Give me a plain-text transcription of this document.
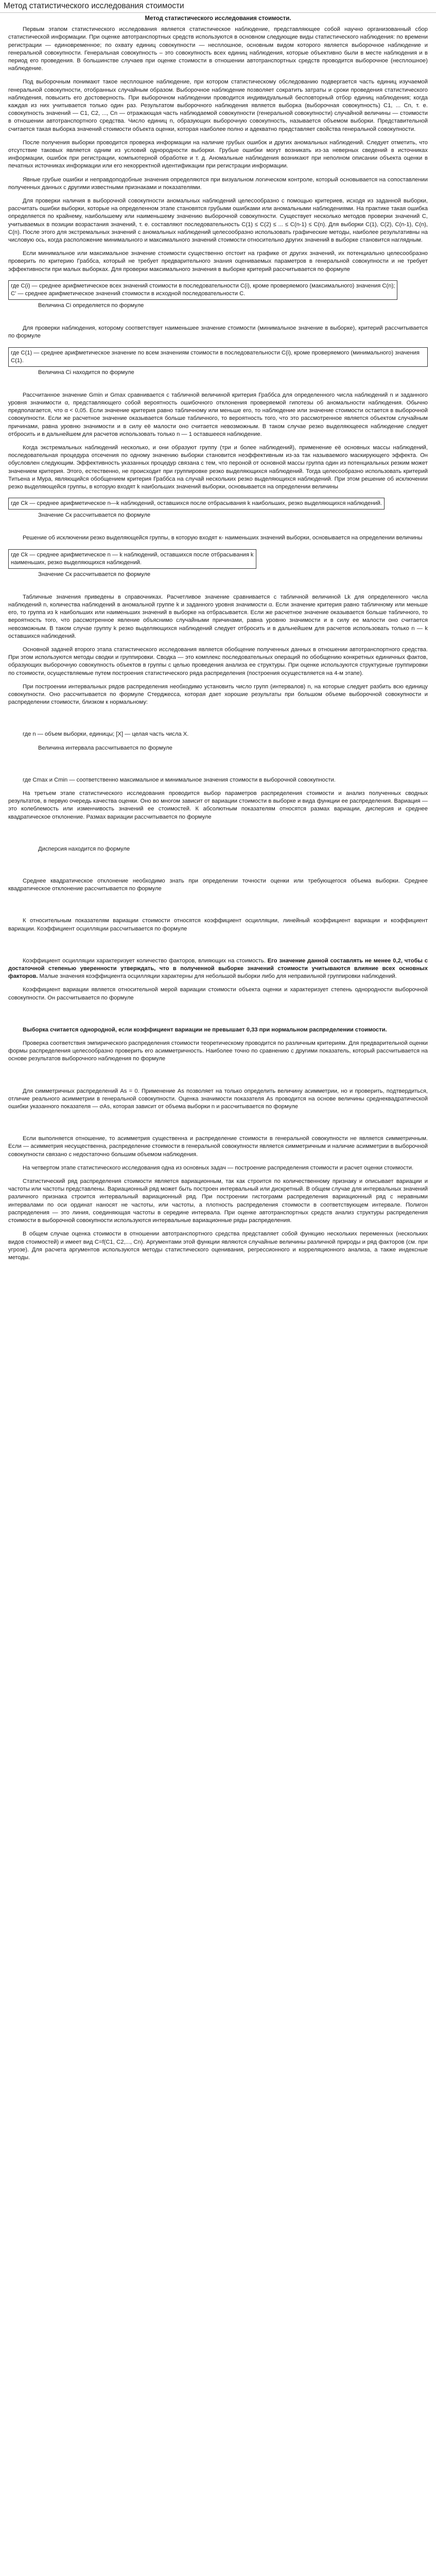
Метод статистического исследования стоимости
Метод статистического исследования стоимости.

Первым этапом статистического исследования является статистическое наблюдение, представляющее собой научно организованный сбор статистической информации. При оценке автотранспортных средств используются в основном следующие виды статистического наблюдения: по времени регистрации — единовременное; по охвату единиц совокупности — несплошное, основным видом которого является выборочное наблюдение и генеральной совокупности. Генеральная совокупность – это совокупность всех единиц наблюдения, которые объективно были в месте наблюдения и в период его проведения. В большинстве случаев при оценке стоимости в отношении автотранспортных средств проводится выборочное (несплошное) наблюдение.

Под выборочным понимают такое несплошное наблюдение, при котором статистическому обследованию подвергается часть единиц изучаемой генеральной совокупности, отобранных случайным образом. Выборочное наблюдение позволяет сократить затраты и сроки проведения статистического наблюдения, повысить его достоверность. При выборочном наблюдении проводится индивидуальный бесповторный отбор единиц наблюдения; когда каждая из них учитывается только один раз. Результатом выборочного наблюдения является выборка (выборочная совокупность) С1, ... Сn, т. е. совокупность значений — С1, С2, ..., Сn — отражающая часть наблюдаемой совокупности (генеральной совокупности) случайной величины — стоимости в отношении автотранспортного средства. Число единиц n, образующих выборочную совокупность, называется объемом выборки. Представительной считается такая выборка значений стоимости объекта оценки, которая наиболее полно и адекватно представляет свойства генеральной совокупности.

После получения выборки проводится проверка информации на наличие грубых ошибок и других аномальных наблюдений. Следует отметить, что отсутствие таковых является одним из условий однородности выборки. Грубые ошибки могут возникать из-за неверных сведений в источниках информации, ошибок при регистрации, компьютерной обработке и т. д. Аномальные наблюдения возникают при неполном описании объекта оценки в печатных источниках информации или его некорректной идентификации при регистрации информации.

Явные грубые ошибки и неправдоподобные значения определяются при визуальном логическом контроле, который основывается на сопоставлении полученных данных с другими известными признаками и показателями.

Для проверки наличия в выборочной совокупности аномальных наблюдений целесообразно с помощью критериев, исходя из заданной выборки, рассчитать ошибки выборки, которые на определенном этапе становятся грубыми ошибками или аномальными наблюдениями. На практике такая ошибка определяется по крайнему, наибольшему или наименьшему значению выборочной совокупности. Существует несколько методов проверки значений С, учитываемых в позиции возрастания значений, т. е. составляют последовательность С(1) ≤ С(2) ≤ ... ≤ С(n-1) ≤ С(n). Для выборки C(1), C(2), C(n-1), C(n), C(n). После этого для экстремальных значений с аномальных наблюдений целесообразно использовать графические методы, наиболее результативны на числовую ось, когда расположение минимального и максимального значений стоимости относительно других значений в выборке становится наглядным.

Если минимальное или максимальное значение стоимости существенно отстоит на графике от других значений, их потенциально целесообразно проверить по критерию Граббса, который не требует предварительного знания оцениваемых параметров в генеральной совокупности и не требует эффективности при малых выборках. Для проверки максимального значения в выборке критерий рассчитывается по формуле

где C(i) — среднее арифметическое всех значений стоимости в последовательности C(i), кроме проверяемого (максимального) значения C(n);
C' — среднее арифметическое значений стоимости в исходной последовательности C.

Величина Сi определяется по формуле

Для проверки наблюдения, которому соответствует наименьшее значение стоимости (минимальное значение в выборке), критерий рассчитывается по формуле

где C(1) — среднее арифметическое значение по всем значениям стоимости в последовательности C(i), кроме проверяемого (минимального) значения C(1).

Величина Сi находится по формуле

Рассчитанное значение Gmin и Gmax сравнивается с табличной величиной критерия Граббса для определенного числа наблюдений n и заданного уровня значимости α, представляющего собой вероятность ошибочного отклонения проверяемой гипотезы об аномальности наблюдения. Обычно предполагается, что α < 0,05. Если значение критерия равно табличному или меньше его, то наблюдение или значение стоимости остается в выборочной совокупности. Если же расчетное значение оказывается больше табличного, то вероятность того, что это рассмотренное является объектом случайным причинами, равна уровню значимости и в силу её малости оно считается невозможным. В таком случае резко выделяющееся наблюдение следует отбросить и в дальнейшем для расчетов использовать только n — 1 оставшееся наблюдение.

Когда экстремальных наблюдений несколько, и они образуют группу (три и более наблюдений), применение её основных массы наблюдений, последовательная процедура отсечения по одному значению выборки становится неэффективным из-за так называемого маскирующего эффекта. Он обусловлен следующим. Эффективность указанных процедур связана с тем, что пероной от основной массы группа один из потенциальных резким может значением критерия. Этого, естественно, не происходит при группировке резко выделяющихся наблюдений. Тогда целесообразно использовать критерий Титьена и Мура, являющийся обобщением критерия Граббса на случай нескольких резко выделяющихся наблюдений. При этом решение об исключении резко выделяющейся группы, в которую входят k наибольших значений выборки, основывается на определении величины

где Ck — среднее арифметическое n—k наблюдений, оставшихся после отбрасывания k наибольших, резко выделяющихся наблюдений.

Значение Ск рассчитывается по формуле

Решение об исключении резко выделяющейся группы, в которую входят к- наименьших значений выборки, основывается на определении величины

где Ck — среднее арифметическое n — k наблюдений, оставшихся после отбрасывания k
наименьших, резко выделяющихся наблюдений.

Значение Ск рассчитывается по формуле

Табличные значения приведены в справочниках. Расчетливое значение сравнивается с табличной величиной Lk для определенного числа наблюдений n, количества наблюдений в аномальной группе k и заданного уровня значимости α. Если значение критерия равно табличному или меньше его, то группа из k наибольших или наименьших значений в выборке на отбрасывается. Если же расчетное значение оказывается больше табличного, то вероятность того, что рассмотренное явление объяснимо случайными причинами, равна уровню значимости и в силу ее малости оно считается невозможным. В таком случае группу k резко выделяющихся наблюдений следует отбросить и в дальнейшем для расчетов использовать только n — k оставшихся наблюдений.

Основной задачей второго этапа статистического исследования является обобщение полученных данных в отношении автотранспортного средства. При этом используются методы сводки и группировки. Сводка — это комплекс последовательных операций по обобщению конкретных единичных фактов, образующих выборочную совокупность объектов в группы с целью проведения анализа ее структуры. При оценке используются структурные группировки по стоимости, осуществляемые путем построения статистического ряда распределения (построения осуществляется на 4-м этапе).

При построении интервальных рядов распределения необходимо установить число групп (интервалов) n, на которые следует разбить всю единицу совокупности. Оно рассчитывается по формуле Стерджесса, которая дает хорошие результаты при большом объеме выборочной совокупности и распределении стоимости, близком к нормальному:

где n — объем выборки, единицы; [X] — целая часть числа X.

Величина интервала рассчитывается по формуле

где Cmax и Cmin — соответственно максимальное и минимальное значения стоимости в выборочной совокупности.

На третьем этапе статистического исследования проводится выбор параметров распределения стоимости и анализ полученных сводных результатов, в первую очередь качества оценки. Оно во многом зависит от вариации стоимости в выборке и вида функции ее распределения. Вариация — это колеблемость или изменчивость значений ее стоимостей. К абсолютным показателям относятся размах вариации, дисперсия и среднее квадратическое отклонение. Размах вариации рассчитывается по формуле

Дисперсия находится по формуле

Среднее квадратическое отклонение необходимо знать при определении точности оценки или требующегося объема выборки. Среднее квадратическое отклонение рассчитывается по формуле

К относительным показателям вариации стоимости относятся коэффициент осцилляции, линейный коэффициент вариации и коэффициент вариации. Коэффициент осцилляции рассчитывается по формуле

Коэффициент осцилляции характеризует количество факторов, влияющих на стоимость. Его значение данной составлять не менее 0,2, чтобы с достаточной степенью уверенности утверждать, что в полученной выборке значений стоимости учитываются влияние всех основных факторов. Малые значения коэффициента осцилляции характерны для небольшой выборки либо для неправильной группировки наблюдений.

Коэффициент вариации является относительной мерой вариации стоимости объекта оценки и характеризует степень однородности выборочной совокупности. Он рассчитывается по формуле

Выборка считается однородной, если коэффициент вариации не превышает 0,33 при нормальном распределении стоимости.

Проверка соответствия эмпирического распределения стоимости теоретическому проводится по различным критериям. Для предварительной оценки формы распределения целесообразно проверить его асимметричность. Наиболее точно по сравнению с другими показатель, который рассчитывается на основе результатов выборочного наблюдения по формуле

Для симметричных распределений As = 0. Применение As позволяет на только определить величину асимметрии, но и проверить, подтвердиться, отличие реального асимметрии в генеральной совокупности. Оценка значимости показателя As проводится на основе величины среднеквадратической ошибки указанного показателя — σAs, которая зависит от объема выборки n и рассчитывается по формуле

Если выполняется отношение, то асимметрия существенна и распределение стоимости в генеральной совокупности не является симметричным. Если — асимметрия несущественна, распределение стоимости в генеральной совокупности является симметричным и наличие асимметрии в выборочной совокупности связано с недостаточно большим объемом наблюдения.

На четвертом этапе статистического исследования одна из основных задач — построение распределения стоимости и расчет оценки стоимости.

Статистический ряд распределения стоимости является вариационным, так как строится по количественному признаку и описывает вариации и частоты или частоты представлены. Вариационный ряд может быть построен интервальный или дискретный. В общем случае для интервальных значений различного признака строится интервальный вариационный ряд. При построении гистограмм распределения вариационный ряд с неравными интервалами по оси ординат наносят не частоты, или частоты, а плотность распределения стоимости в соответствующем интервале. Полигон распределения — это линия, соединяющая частоты в середине интервала. При оценке автотранспортных средств анализ структуры распределения стоимости в выборочной совокупности используются интервальные вариационные ряды распределения.

В общем случае оценка стоимости в отношении автотранспортного средства представляет собой функцию нескольких переменных (нескольких видов стоимостей) и имеет вид C=f(C1, C2,..., Cn). Аргументами этой функции являются случайные величины различной природы и ряд факторов (см. при угрозе). Для расчета аргументов используются методы статистического оценивания, регрессионного и корреляционного анализа, а также индексные методы.
